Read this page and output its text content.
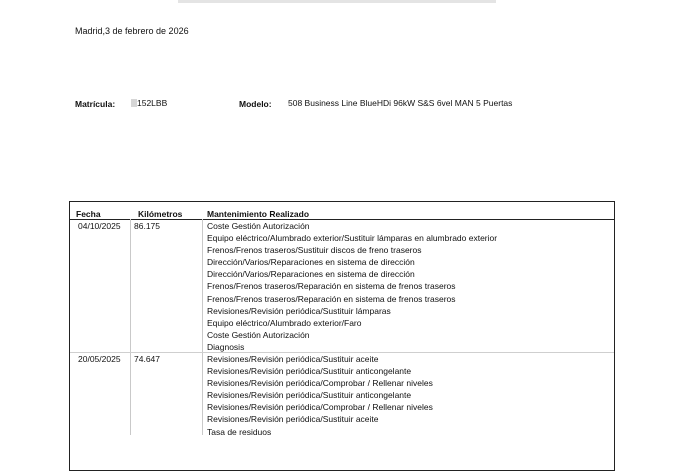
Madrid,3 de febrero de 2026
Matrícula:	152LBB	Modelo: 508 Business Line BlueHDi 96kW S&S 6vel MAN 5 Puertas
Fecha	Kilómetros	Mantenimiento Realizado
04/10/2025 86.175	Coste Gestión Autorización
Equipo eléctrico/Alumbrado exterior/Sustituir lámparas en alumbrado exterior
Frenos/Frenos traseros/Sustituir discos de freno traseros
Dirección/Varios/Reparaciones en sistema de dirección
Dirección/Varios/Reparaciones en sistema de dirección
Frenos/Frenos traseros/Reparación en sistema de frenos traseros
Frenos/Frenos traseros/Reparación en sistema de frenos traseros
Revisiones/Revisión periódica/Sustituir lámparas
Equipo eléctrico/Alumbrado exterior/Faro
Coste Gestión Autorización
Diagnosis
20/05/2025 74.647	Revisiones/Revisión periódica/Sustituir aceite
Revisiones/Revisión periódica/Sustituir anticongelante
Revisiones/Revisión periódica/Comprobar / Rellenar niveles
Revisiones/Revisión periódica/Sustituir anticongelante
Revisiones/Revisión periódica/Comprobar / Rellenar niveles
Revisiones/Revisión periódica/Sustituir aceite
Tasa de residuos
